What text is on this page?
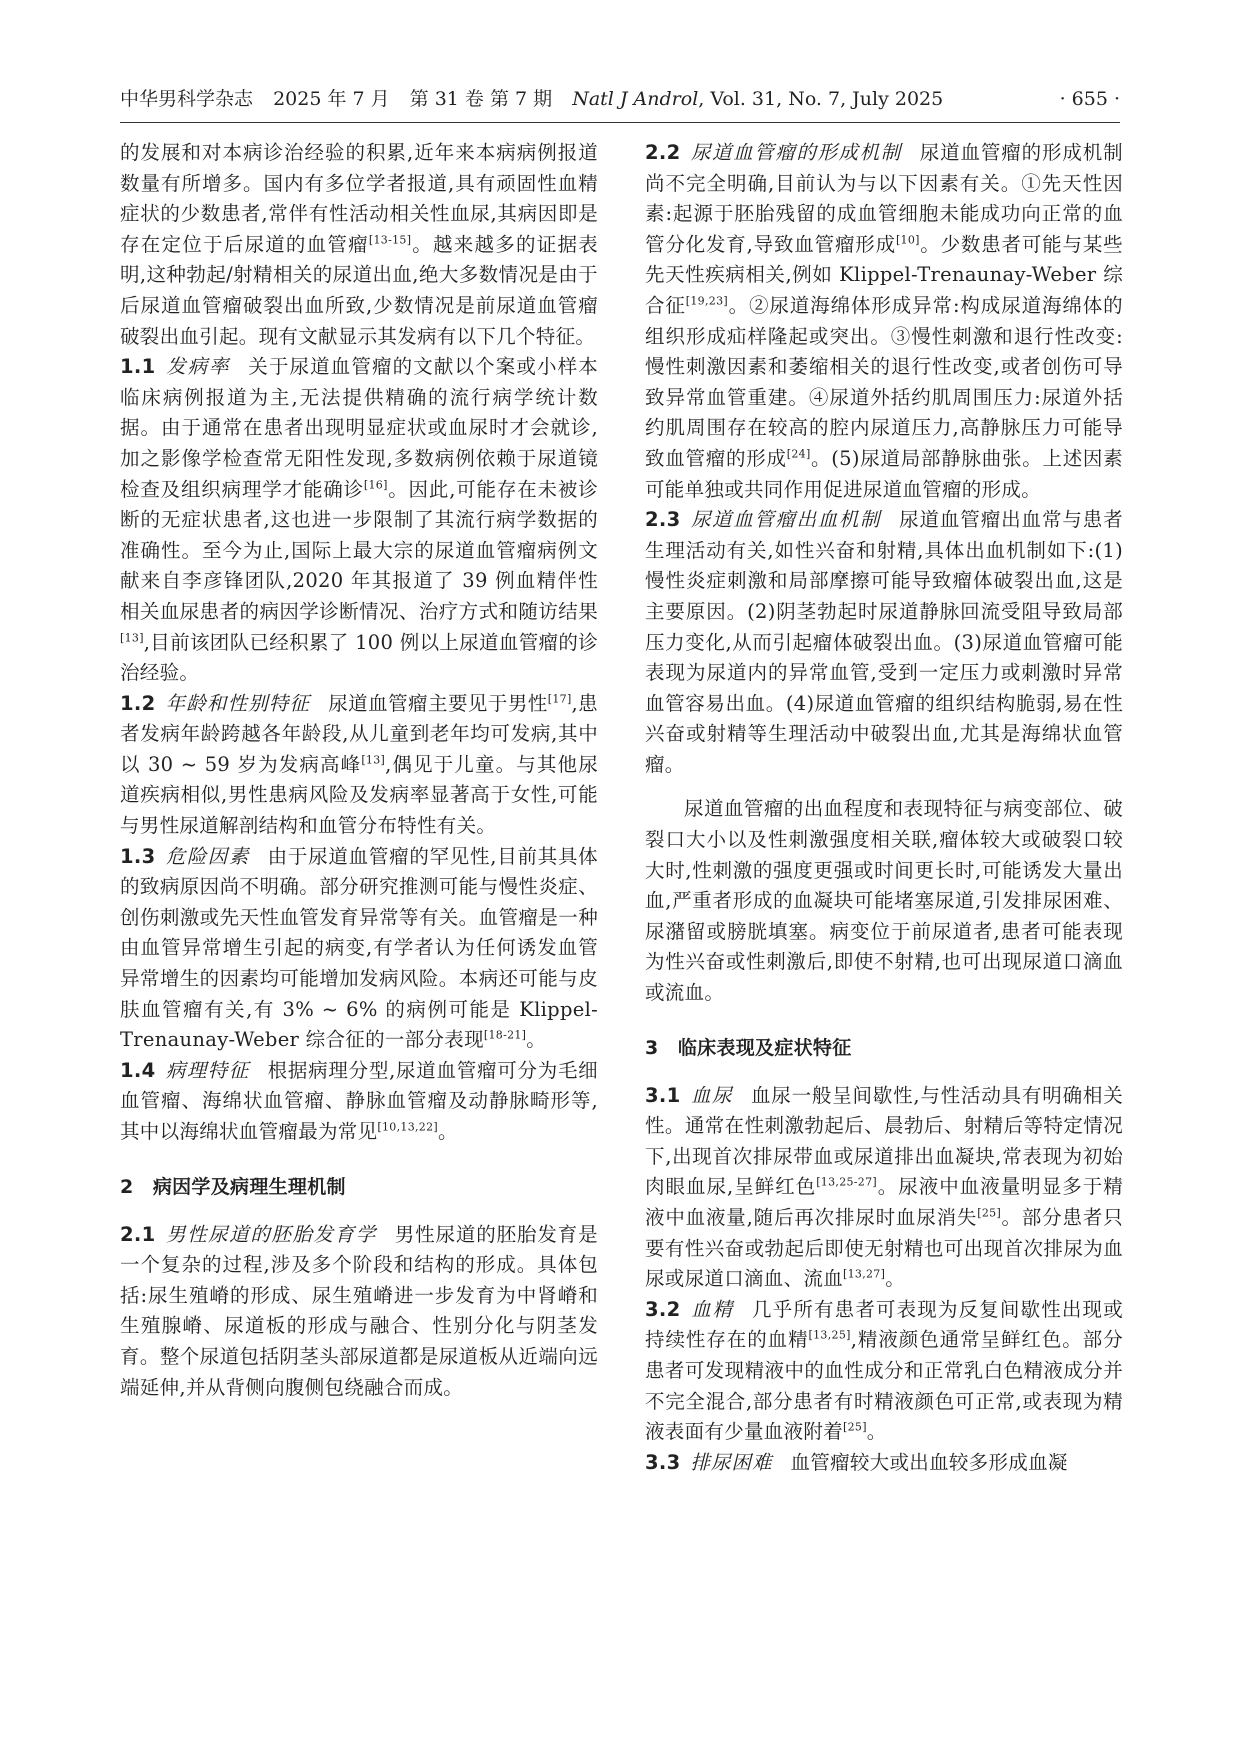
中华男科学杂志 2025 年 7 月 第 31 卷 第 7 期 Natl J Androl, Vol. 31, No. 7, July 2025	· 655 ·

的发展和对本病诊治经验的积累,近年来本病病例报道数量有所增多。国内有多位学者报道,具有顽固性血精症状的少数患者,常伴有性活动相关性血尿,其病因即是存在定位于后尿道的血管瘤[13-15]。越来越多的证据表明,这种勃起/射精相关的尿道出血,绝大多数情况是由于后尿道血管瘤破裂出血所致,少数情况是前尿道血管瘤破裂出血引起。现有文献显示其发病有以下几个特征。

1.1 发病率 关于尿道血管瘤的文献以个案或小样本临床病例报道为主,无法提供精确的流行病学统计数据。由于通常在患者出现明显症状或血尿时才会就诊,加之影像学检查常无阳性发现,多数病例依赖于尿道镜检查及组织病理学才能确诊[16]。因此,可能存在未被诊断的无症状患者,这也进一步限制了其流行病学数据的准确性。至今为止,国际上最大宗的尿道血管瘤病例文献来自李彦锋团队,2020 年其报道了 39 例血精伴性相关血尿患者的病因学诊断情况、治疗方式和随访结果[13],目前该团队已经积累了 100 例以上尿道血管瘤的诊治经验。

1.2 年龄和性别特征 尿道血管瘤主要见于男性[17],患者发病年龄跨越各年龄段,从儿童到老年均可发病,其中以 30 ~ 59 岁为发病高峰[13],偶见于儿童。与其他尿道疾病相似,男性患病风险及发病率显著高于女性,可能与男性尿道解剖结构和血管分布特性有关。

1.3 危险因素 由于尿道血管瘤的罕见性,目前其具体的致病原因尚不明确。部分研究推测可能与慢性炎症、创伤刺激或先天性血管发育异常等有关。血管瘤是一种由血管异常增生引起的病变,有学者认为任何诱发血管异常增生的因素均可能增加发病风险。本病还可能与皮肤血管瘤有关,有 3% ~ 6% 的病例可能是 Klippel-Trenaunay-Weber 综合征的一部分表现[18-21]。

1.4 病理特征 根据病理分型,尿道血管瘤可分为毛细血管瘤、海绵状血管瘤、静脉血管瘤及动静脉畸形等,其中以海绵状血管瘤最为常见[10,13,22]。

2　病因学及病理生理机制

2.1 男性尿道的胚胎发育学 男性尿道的胚胎发育是一个复杂的过程,涉及多个阶段和结构的形成。具体包括:尿生殖嵴的形成、尿生殖嵴进一步发育为中肾嵴和生殖腺嵴、尿道板的形成与融合、性别分化与阴茎发育。整个尿道包括阴茎头部尿道都是尿道板从近端向远端延伸,并从背侧向腹侧包绕融合而成。

2.2 尿道血管瘤的形成机制 尿道血管瘤的形成机制尚不完全明确,目前认为与以下因素有关。①先天性因素:起源于胚胎残留的成血管细胞未能成功向正常的血管分化发育,导致血管瘤形成[10]。少数患者可能与某些先天性疾病相关,例如 Klippel-Trenaunay-Weber 综合征[19,23]。②尿道海绵体形成异常:构成尿道海绵体的组织形成疝样隆起或突出。③慢性刺激和退行性改变:慢性刺激因素和萎缩相关的退行性改变,或者创伤可导致异常血管重建。④尿道外括约肌周围压力:尿道外括约肌周围存在较高的腔内尿道压力,高静脉压力可能导致血管瘤的形成[24]。(5)尿道局部静脉曲张。上述因素可能单独或共同作用促进尿道血管瘤的形成。

2.3 尿道血管瘤出血机制 尿道血管瘤出血常与患者生理活动有关,如性兴奋和射精,具体出血机制如下:(1)慢性炎症刺激和局部摩擦可能导致瘤体破裂出血,这是主要原因。(2)阴茎勃起时尿道静脉回流受阻导致局部压力变化,从而引起瘤体破裂出血。(3)尿道血管瘤可能表现为尿道内的异常血管,受到一定压力或刺激时异常血管容易出血。(4)尿道血管瘤的组织结构脆弱,易在性兴奋或射精等生理活动中破裂出血,尤其是海绵状血管瘤。

尿道血管瘤的出血程度和表现特征与病变部位、破裂口大小以及性刺激强度相关联,瘤体较大或破裂口较大时,性刺激的强度更强或时间更长时,可能诱发大量出血,严重者形成的血凝块可能堵塞尿道,引发排尿困难、尿潴留或膀胱填塞。病变位于前尿道者,患者可能表现为性兴奋或性刺激后,即使不射精,也可出现尿道口滴血或流血。

3　临床表现及症状特征

3.1 血尿 血尿一般呈间歇性,与性活动具有明确相关性。通常在性刺激勃起后、晨勃后、射精后等特定情况下,出现首次排尿带血或尿道排出血凝块,常表现为初始肉眼血尿,呈鲜红色[13,25-27]。尿液中血液量明显多于精液中血液量,随后再次排尿时血尿消失[25]。部分患者只要有性兴奋或勃起后即使无射精也可出现首次排尿为血尿或尿道口滴血、流血[13,27]。

3.2 血精 几乎所有患者可表现为反复间歇性出现或持续性存在的血精[13,25],精液颜色通常呈鲜红色。部分患者可发现精液中的血性成分和正常乳白色精液成分并不完全混合,部分患者有时精液颜色可正常,或表现为精液表面有少量血液附着[25]。

3.3 排尿困难 血管瘤较大或出血较多形成血凝
